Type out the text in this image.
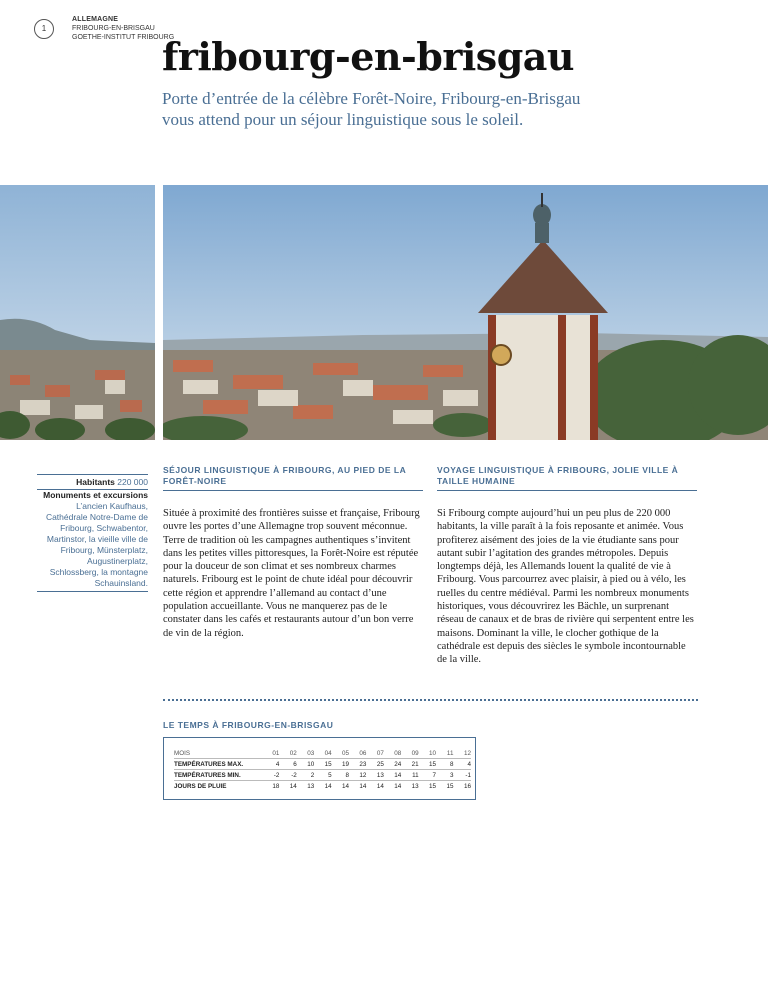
1
ALLEMAGNE
FRIBOURG-EN-BRISGAU
GOETHE-INSTITUT FRIBOURG
fribourg-en-brisgau
Porte d’entrée de la célèbre Forêt-Noire, Fribourg-en-Brisgau
vous attend pour un séjour linguistique sous le soleil.
Habitants 220 000
Monuments et excursions
L’ancien Kaufhaus, Cathédrale Notre-Dame de Fribourg, Schwabentor, Martinstor, la vieille ville de Fribourg, Münsterplatz, Augustinerplatz, Schlossberg, la montagne Schauinsland.
SÉJOUR LINGUISTIQUE À FRIBOURG, AU PIED DE LA FORÊT-NOIRE

Située à proximité des frontières suisse et française, Fribourg ouvre les portes d’une Allemagne trop souvent méconnue. Terre de tradition où les campagnes authentiques s’invitent dans les petites villes pittoresques, la Forêt-Noire est réputée pour la douceur de son climat et ses nombreux charmes naturels. Fribourg est le point de chute idéal pour découvrir cette région et apprendre l’allemand au contact d’une population accueillante. Vous ne manquerez pas de le constater dans les cafés et restaurants autour d’un bon verre de vin de la région.

VOYAGE LINGUISTIQUE À FRIBOURG, JOLIE VILLE À TAILLE HUMAINE

Si Fribourg compte aujourd’hui un peu plus de 220 000 habitants, la ville paraît à la fois reposante et animée. Vous profiterez aisément des joies de la vie étudiante sans pour autant subir l’agitation des grandes métropoles. Depuis longtemps déjà, les Allemands louent la qualité de vie à Fribourg. Vous parcourrez avec plaisir, à pied ou à vélo, les ruelles du centre médiéval. Parmi les nombreux monuments historiques, vous découvrirez les Bächle, un surprenant réseau de canaux et de bras de rivière qui serpentent entre les maisons. Dominant la ville, le clocher gothique de la cathédrale est depuis des siècles le symbole incontournable de la ville.

LE TEMPS À FRIBOURG-EN-BRISGAU
MOIS	01	02	03	04	05	06	07	08	09	10	11	12
TEMPÉRATURES MAX.	4	6	10	15	19	23	25	24	21	15	8	4
TEMPÉRATURES MIN.	-2	-2	2	5	8	12	13	14	11	7	3	-1
JOURS DE PLUIE	18	14	13	14	14	14	14	14	13	15	15	16
